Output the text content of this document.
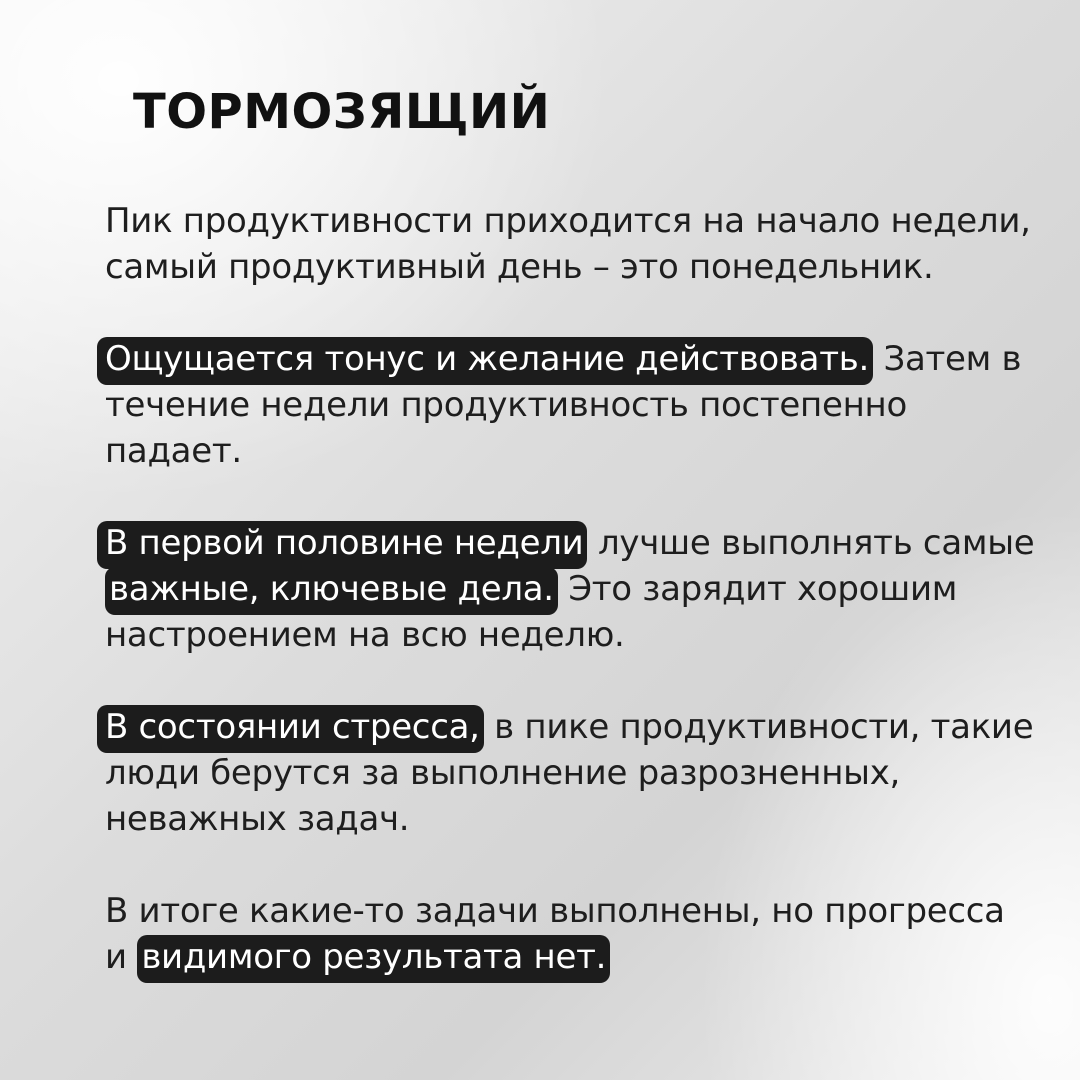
ТОРМОЗЯЩИЙ

Пик продуктивности приходится на начало недели, самый продуктивный день – это понедельник.

Ощущается тонус и желание действовать. Затем в течение недели продуктивность постепенно падает.

В первой половине недели лучше выполнять самые важные, ключевые дела. Это зарядит хорошим настроением на всю неделю.

В состоянии стресса, в пике продуктивности, такие люди берутся за выполнение разрозненных, неважных задач.

В итоге какие-то задачи выполнены, но прогресса и видимого результата нет.
